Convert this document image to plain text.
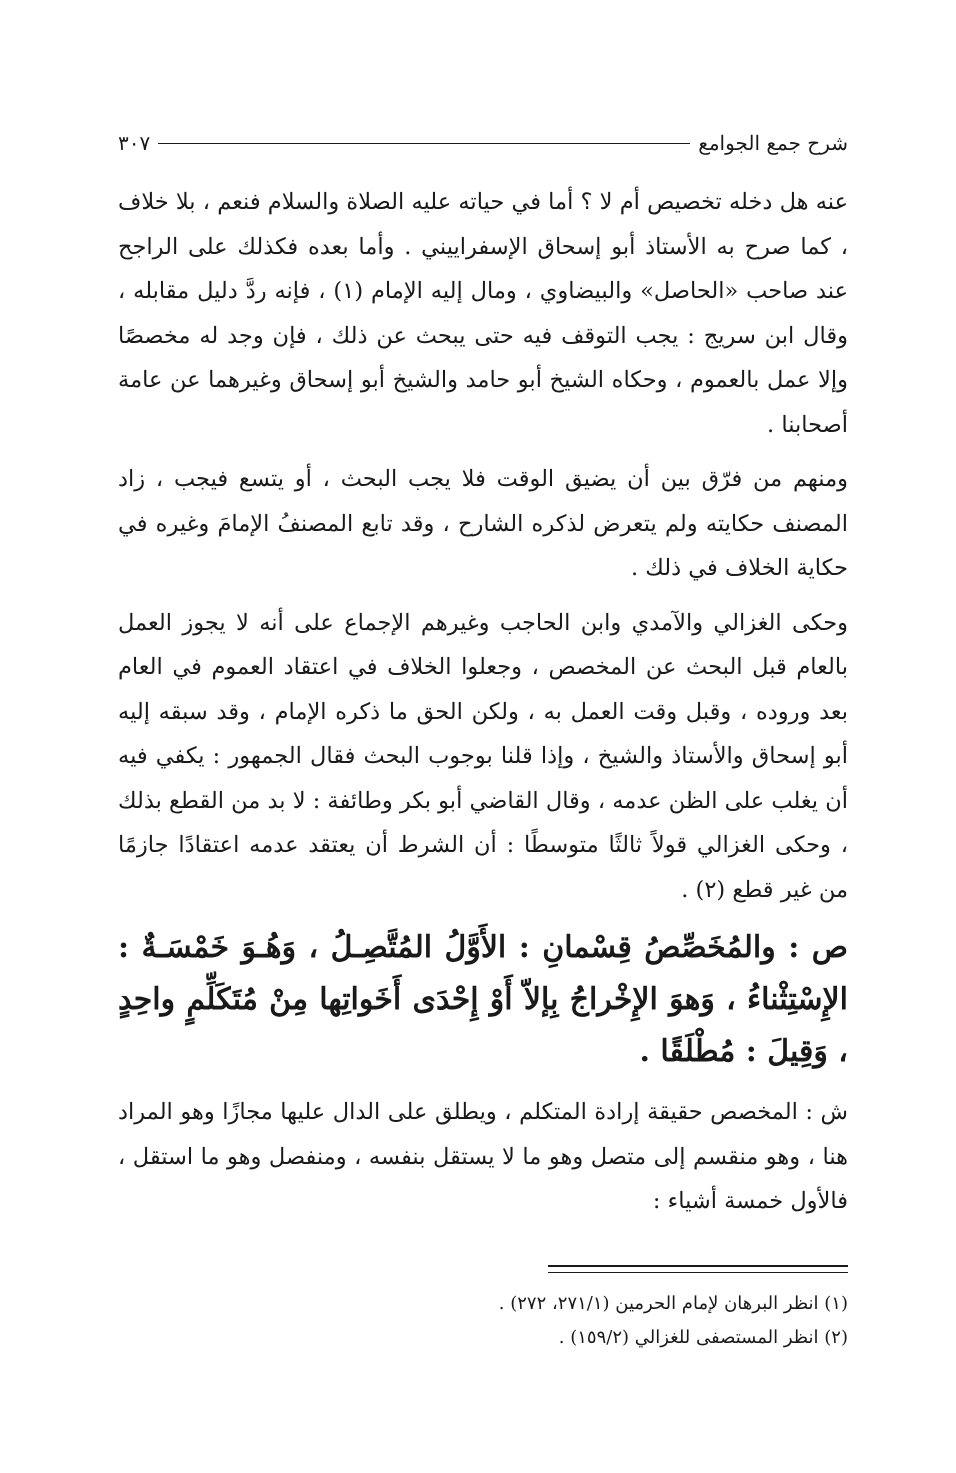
شرح جمع الجوامع
٣٠٧

عنه هل دخله تخصيص أم لا ؟ أما في حياته عليه الصلاة والسلام فنعم ، بلا خلاف ، كما صرح به الأستاذ أبو إسحاق الإسفراييني . وأما بعده فكذلك على الراجح عند صاحب «الحاصل» والبيضاوي ، ومال إليه الإمام (١) ، فإنه ردَّ دليل مقابله ، وقال ابن سريج : يجب التوقف فيه حتى يبحث عن ذلك ، فإن وجد له مخصصًا وإلا عمل بالعموم ، وحكاه الشيخ أبو حامد والشيخ أبو إسحاق وغيرهما عن عامة أصحابنا .

ومنهم من فرّق بين أن يضيق الوقت فلا يجب البحث ، أو يتسع فيجب ، زاد المصنف حكايته ولم يتعرض لذكره الشارح ، وقد تابع المصنفُ الإمامَ وغيره في حكاية الخلاف في ذلك .

وحكى الغزالي والآمدي وابن الحاجب وغيرهم الإجماع على أنه لا يجوز العمل بالعام قبل البحث عن المخصص ، وجعلوا الخلاف في اعتقاد العموم في العام بعد وروده ، وقبل وقت العمل به ، ولكن الحق ما ذكره الإمام ، وقد سبقه إليه أبو إسحاق والأستاذ والشيخ ، وإذا قلنا بوجوب البحث فقال الجمهور : يكفي فيه أن يغلب على الظن عدمه ، وقال القاضي أبو بكر وطائفة : لا بد من القطع بذلك ، وحكى الغزالي قولاً ثالثًا متوسطًا : أن الشرط أن يعتقد عدمه اعتقادًا جازمًا من غير قطع (٢) .

ص : والمُخَصِّصُ قِسْمانِ : الأَوَّلُ المُتَّصِـلُ ، وَهُـوَ خَمْسَـةٌ : الإِسْتِثْناءُ ، وَهوَ الإِخْراجُ بِإلاّ أَوْ إِحْدَى أَخَواتِها مِنْ مُتَكَلِّمٍ واحِدٍ ، وَقِيلَ : مُطْلَقًا .

ش : المخصص حقيقة إرادة المتكلم ، ويطلق على الدال عليها مجازًا وهو المراد هنا ، وهو منقسم إلى متصل وهو ما لا يستقل بنفسه ، ومنفصل وهو ما استقل ، فالأول خمسة أشياء :

(١) انظر البرهان لإمام الحرمين (٢٧١/١، ٢٧٢) .

(٢) انظر المستصفى للغزالي (١٥٩/٢) .
